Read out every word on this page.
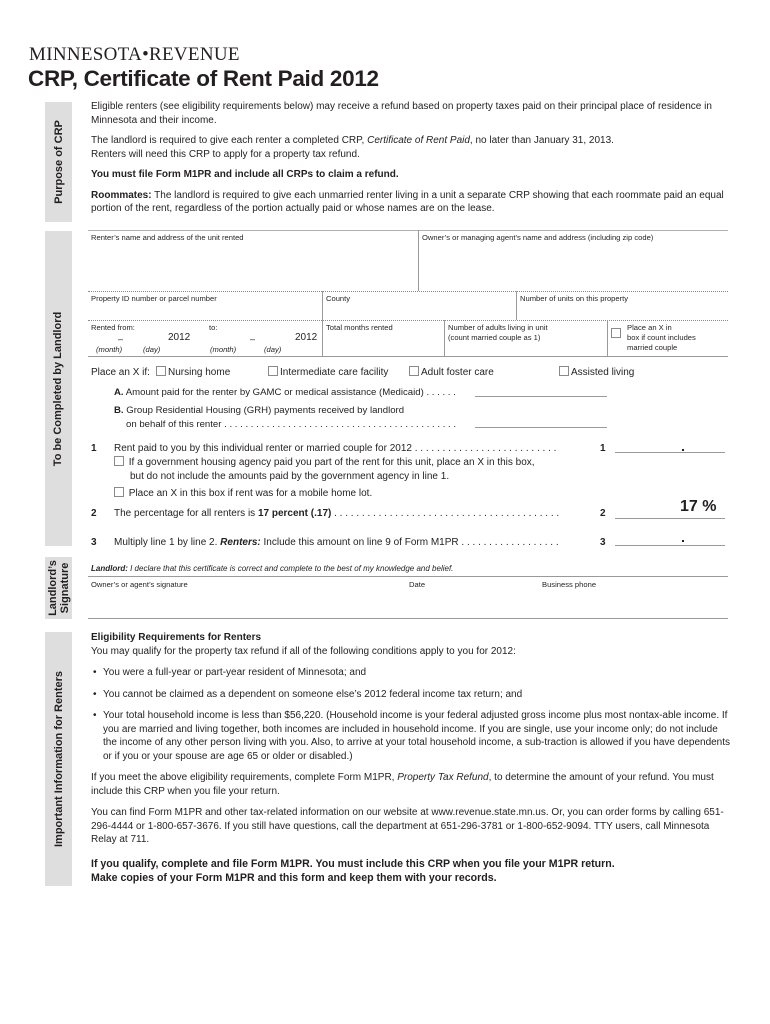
MINNESOTA•REVENUE
CRP, Certificate of Rent Paid 2012
Purpose of CRP
To be Completed by Landlord
Landlord’s Signature
Important Information for Renters

Eligible renters (see eligibility requirements below) may receive a refund based on property taxes paid on their principal place of residence in Minnesota and their income.

The landlord is required to give each renter a completed CRP, Certificate of Rent Paid, no later than January 31, 2013.
Renters will need this CRP to apply for a property tax refund.

You must file Form M1PR and include all CRPs to claim a refund.

Roommates: The landlord is required to give each unmarried renter living in a unit a separate CRP showing that each roommate paid an equal portion of the rent, regardless of the portion actually paid or whose names are on the lease.

Renter’s name and address of the unit rented	Owner’s or managing agent’s name and address (including zip code)
Property ID number or parcel number	County	Number of units on this property
Rented from:	to:
–	2012	–	2012
(month)	(day)	(month)	(day)
Total months rented	Number of adults living in unit
(count married couple as 1)
Place an X in
box if count includes
married couple
Place an X if:	Nursing home	Intermediate care facility	Adult foster care	Assisted living
A. Amount paid for the renter by GAMC or medical assistance (Medicaid) . . . . . .
B. Group Residential Housing (GRH) payments received by landlord
on behalf of this renter . . . . . . . . . . . . . . . . . . . . . . . . . . . . . . . . . . . . . . . . . . . .
1 Rent paid to you by this individual renter or married couple for 2012 . . . . . . . . . . . . . . . . . . . . . . . . . .	1
If a government housing agency paid you part of the rent for this unit, place an X in this box,
but do not include the amounts paid by the government agency in line 1.
Place an X in this box if rent was for a mobile home lot.
2 The percentage for all renters is 17 percent (.17) . . . . . . . . . . . . . . . . . . . . . . . . . . . . . . . . . . . . . . . . .	2	17 %
3 Multiply line 1 by line 2. Renters: Include this amount on line 9 of Form M1PR . . . . . . . . . . . . . . . . . .	3
Landlord: I declare that this certificate is correct and complete to the best of my knowledge and belief.
Owner’s or agent’s signature	Date	Business phone
Eligibility Requirements for Renters
You may qualify for the property tax refund if all of the following conditions apply to you for 2012:
• You were a full-year or part-year resident of Minnesota; and
• You cannot be claimed as a dependent on someone else’s 2012 federal income tax return; and
• Your total household income is less than $56,220. (Household income is your federal adjusted gross income plus most nontax-able income. If you are married and living together, both incomes are included in household income. If you are single, use your income only; do not include the income of any other person living with you. Also, to arrive at your total household income, a sub-traction is allowed if you have dependents or if you or your spouse are age 65 or older or disabled.)

If you meet the above eligibility requirements, complete Form M1PR, Property Tax Refund, to determine the amount of your refund. You must include this CRP when you file your return.

You can find Form M1PR and other tax-related information on our website at www.revenue.state.mn.us. Or, you can order forms by calling 651-296-4444 or 1-800-657-3676. If you still have questions, call the department at 651-296-3781 or 1-800-652-9094. TTY users, call Minnesota Relay at 711.

If you qualify, complete and file Form M1PR. You must include this CRP when you file your M1PR return.
Make copies of your Form M1PR and this form and keep them with your records.
